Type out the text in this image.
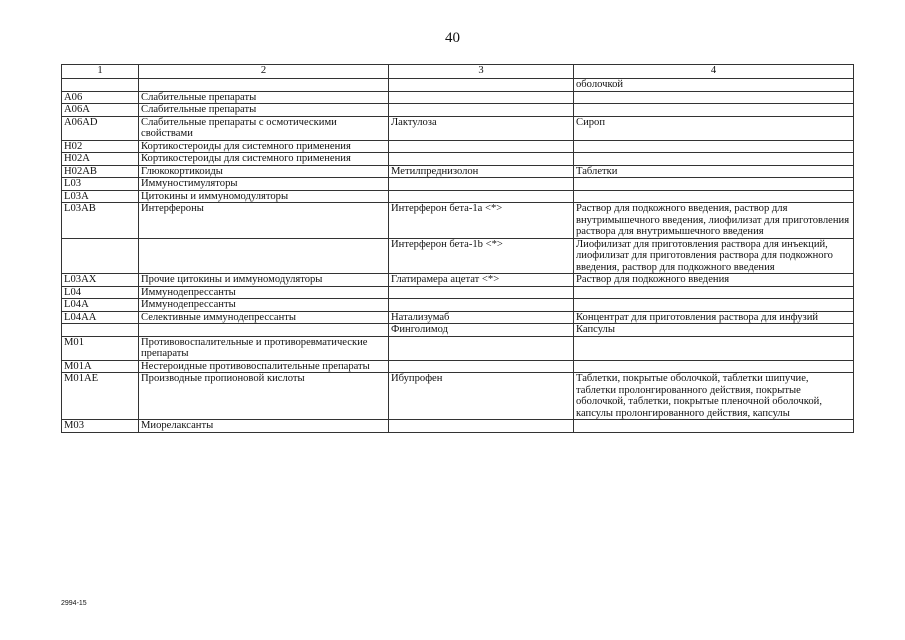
40
1	2	3	4
			оболочкой
A06	Слабительные препараты		
A06A	Слабительные препараты		
A06AD	Слабительные препараты с осмотическими свойствами	Лактулоза	Сироп
H02	Кортикостероиды для системного применения		
H02A	Кортикостероиды для системного применения		
H02AB	Глюкокортикоиды	Метилпреднизолон	Таблетки
L03	Иммуностимуляторы		
L03A	Цитокины и иммуномодуляторы		
L03AB	Интерфероны	Интерферон бета-1а <*>	Раствор для подкожного введения, раствор для внутримышечного введения, лиофилизат для приготовления раствора для внутримышечного введения
		Интерферон бета-1b <*>	Лиофилизат для приготовления раствора для инъекций, лиофилизат для приготовления раствора для подкожного введения, раствор для подкожного введения
L03AX	Прочие цитокины и иммуномодуляторы	Глатирамера ацетат <*>	Раствор для подкожного введения
L04	Иммунодепрессанты		
L04A	Иммунодепрессанты		
L04AA	Селективные иммунодепрессанты	Натализумаб	Концентрат для приготовления раствора для инфузий
		Финголимод	Капсулы
M01	Противовоспалительные и противоревматические препараты		
M01A	Нестероидные противовоспалительные препараты		
M01AE	Производные пропионовой кислоты	Ибупрофен	Таблетки, покрытые оболочкой, таблетки шипучие, таблетки пролонгированного действия, покрытые оболочкой, таблетки, покрытые пленочной оболочкой, капсулы пролонгированного действия, капсулы
M03	Миорелаксанты		
2994-15
